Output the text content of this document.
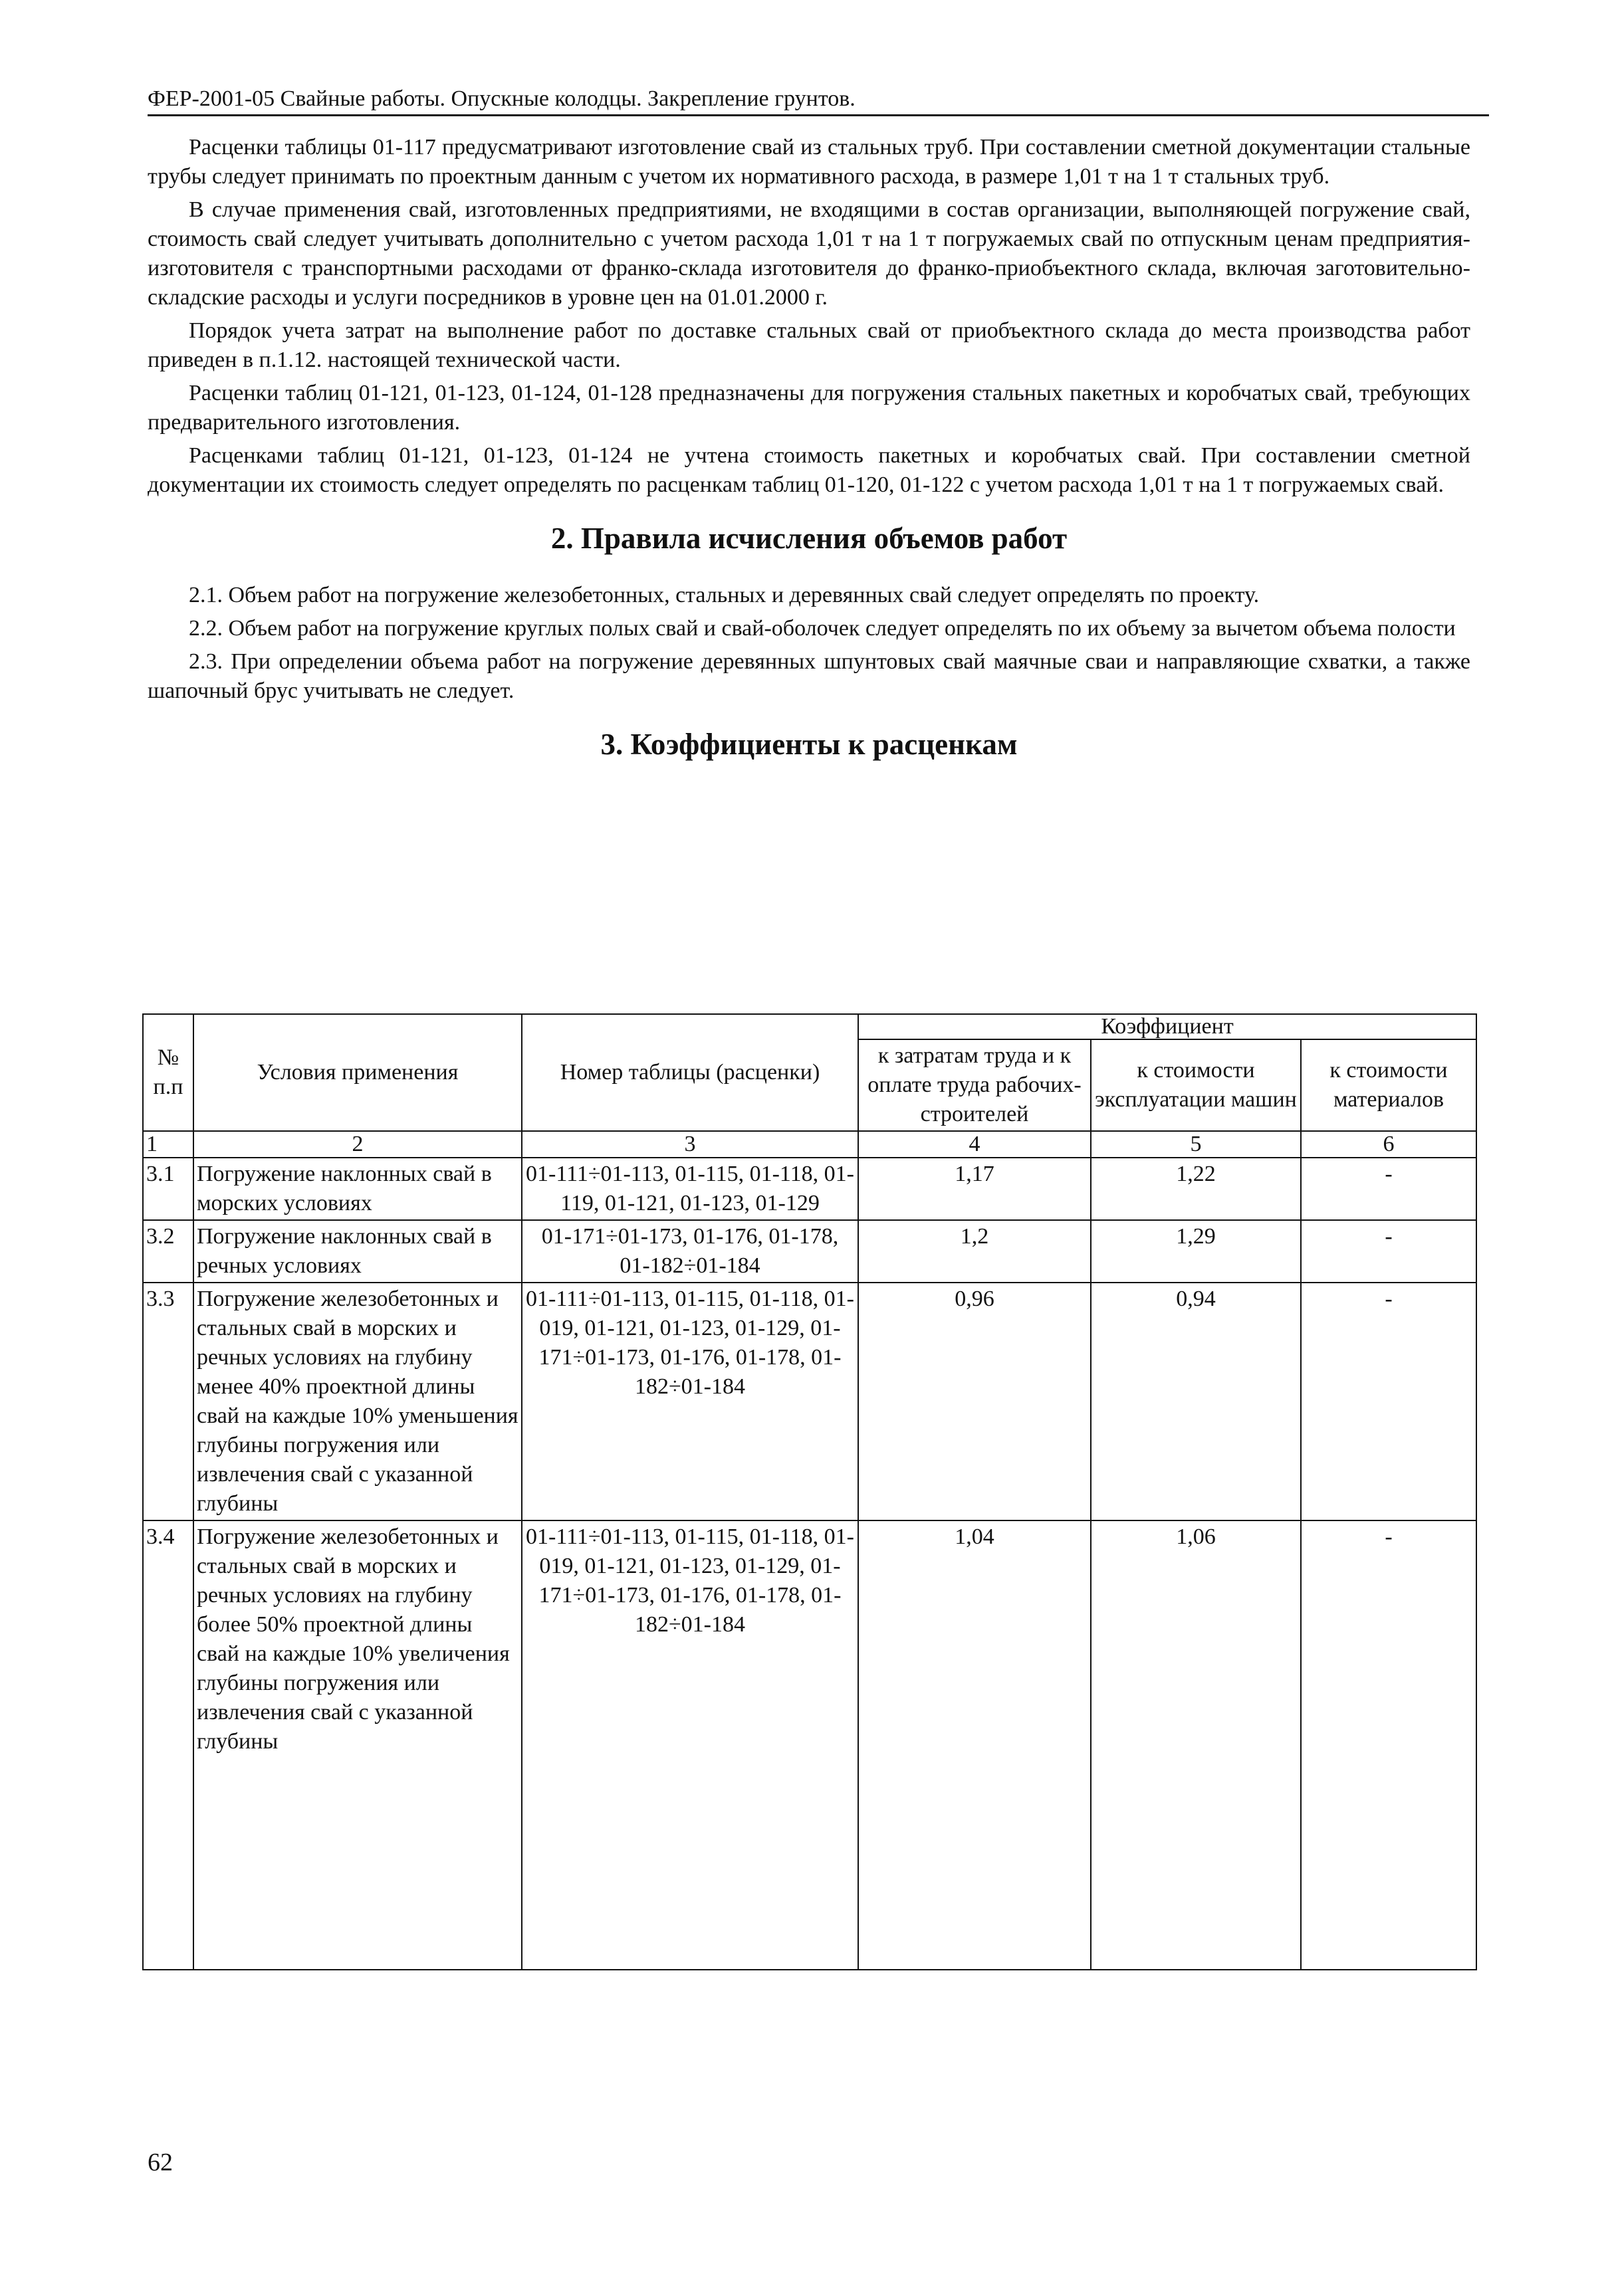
ФЕР-2001-05 Свайные работы. Опускные колодцы. Закрепление грунтов.

Расценки таблицы 01-117 предусматривают изготовление свай из стальных труб. При составлении сметной документации стальные трубы следует принимать по проектным данным с учетом их нормативного расхода, в размере 1,01 т на 1 т стальных труб.

В случае применения свай, изготовленных предприятиями, не входящими в состав организации, выполняющей погружение свай, стоимость свай следует учитывать дополнительно с учетом расхода 1,01 т на 1 т погружаемых свай по отпускным ценам предприятия-изготовителя с транспортными расходами от франко-склада изготовителя до франко-приобъектного склада, включая заготовительно-складские расходы и услуги посредников в уровне цен на 01.01.2000 г.

Порядок учета затрат на выполнение работ по доставке стальных свай от приобъектного склада до места производства работ приведен в п.1.12. настоящей технической части.

Расценки таблиц 01-121, 01-123, 01-124, 01-128 предназначены для погружения стальных пакетных и коробчатых свай, требующих предварительного изготовления.

Расценками таблиц 01-121, 01-123, 01-124 не учтена стоимость пакетных и коробчатых свай. При составлении сметной документации их стоимость следует определять по расценкам таблиц 01-120, 01-122 с учетом расхода 1,01 т на 1 т погружаемых свай.

2. Правила исчисления объемов работ

2.1. Объем работ на погружение железобетонных, стальных и деревянных свай следует определять по проекту.

2.2. Объем работ на погружение круглых полых свай и свай-оболочек следует определять по их объему за вычетом объема полости

2.3. При определении объема работ на погружение деревянных шпунтовых свай маячные сваи и направляющие схватки, а также шапочный брус учитывать не следует.

3. Коэффициенты к расценкам
№ п.п	Условия применения	Номер таблицы (расценки)	Коэффициент		
			к затратам труда и к оплате труда рабочих-строителей	к стоимости эксплуатации машин	к стоимости материалов
1	2	3	4	5	6
3.1	Погружение наклонных свай в морских условиях	01-111÷01-113, 01-115, 01-118, 01-119, 01-121, 01-123, 01-129	1,17	1,22	-
3.2	Погружение наклонных свай в речных условиях	01-171÷01-173, 01-176, 01-178, 01-182÷01-184	1,2	1,29	-
3.3	Погружение железобетонных и стальных свай в морских и речных условиях на глубину менее 40% проектной длины свай на каждые 10% уменьшения глубины погружения или извлечения свай с указанной глубины	01-111÷01-113, 01-115, 01-118, 01-019, 01-121, 01-123, 01-129, 01-171÷01-173, 01-176, 01-178, 01-182÷01-184	0,96	0,94	-
3.4	Погружение железобетонных и стальных свай в морских и речных условиях на глубину более 50% проектной длины свай на каждые 10% увеличения глубины погружения или извлечения свай с указанной глубины	01-111÷01-113, 01-115, 01-118, 01-019, 01-121, 01-123, 01-129, 01-171÷01-173, 01-176, 01-178, 01-182÷01-184	1,04	1,06	-
62
